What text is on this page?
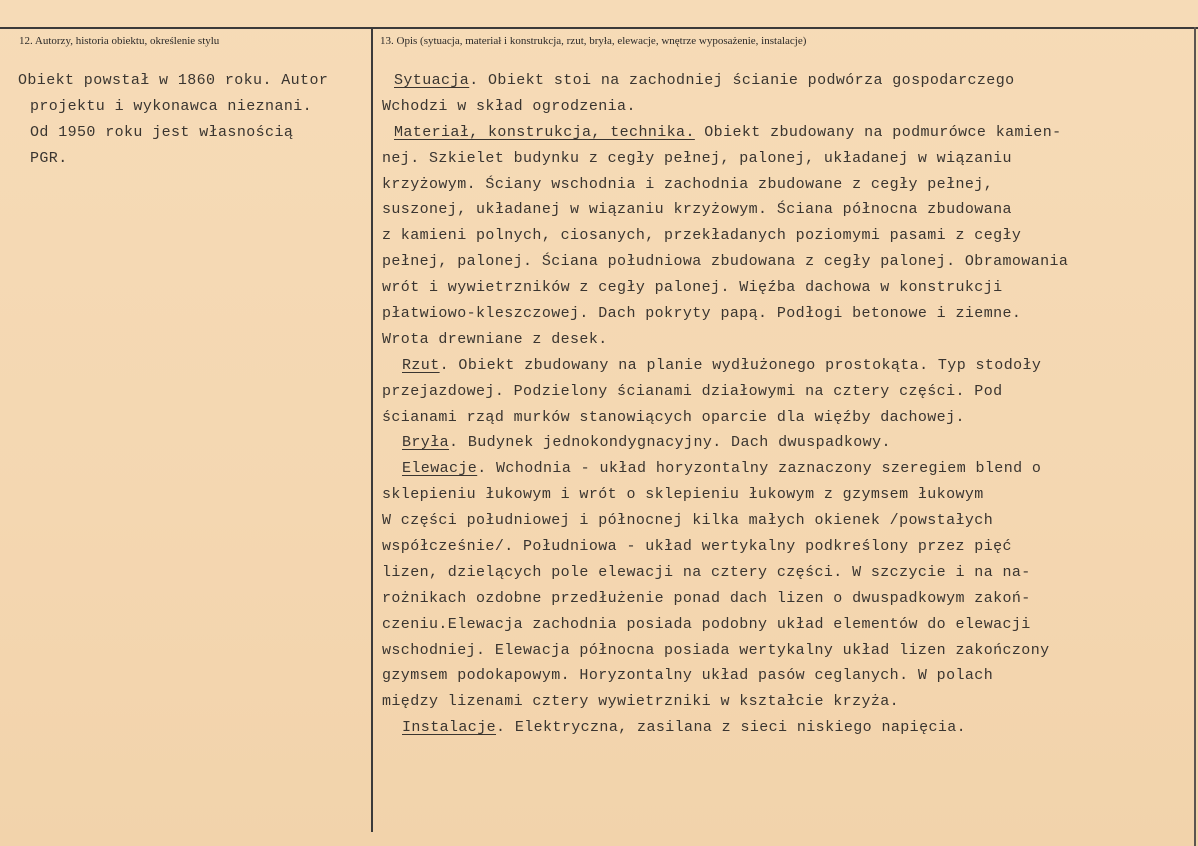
12. Autorzy, historia obiektu, określenie stylu	13. Opis (sytuacja, materiał i konstrukcja, rzut, bryła, elewacje, wnętrze wyposażenie, instalacje)
Obiekt powstał w 1860 roku. Autor
projektu i wykonawca nieznani.
Od 1950 roku jest własnością
PGR.
Sytuacja. Obiekt stoi na zachodniej ścianie podwórza gospodarczego
Wchodzi w skład ogrodzenia.
Materiał, konstrukcja, technika. Obiekt zbudowany na podmurówce kamien-
nej. Szkielet budynku z cegły pełnej, palonej, układanej w wiązaniu
krzyżowym. Ściany wschodnia i zachodnia zbudowane z cegły pełnej,
suszonej, układanej w wiązaniu krzyżowym. Ściana północna zbudowana
z kamieni polnych, ciosanych, przekładanych poziomymi pasami z cegły
pełnej, palonej. Ściana południowa zbudowana z cegły palonej. Obramowania
wrót i wywietrzników z cegły palonej. Więźba dachowa w konstrukcji
płatwiowo-kleszczowej. Dach pokryty papą. Podłogi betonowe i ziemne.
Wrota drewniane z desek.
Rzut. Obiekt zbudowany na planie wydłużonego prostokąta. Typ stodoły
przejazdowej. Podzielony ścianami działowymi na cztery części. Pod
ścianami rząd murków stanowiących oparcie dla więźby dachowej.
Bryła. Budynek jednokondygnacyjny. Dach dwuspadkowy.
Elewacje. Wchodnia - układ horyzontalny zaznaczony szeregiem blend o
sklepieniu łukowym i wrót o sklepieniu łukowym z gzymsem łukowym
W części południowej i północnej kilka małych okienek /powstałych
współcześnie/. Południowa - układ wertykalny podkreślony przez pięć
lizen, dzielących pole elewacji na cztery części. W szczycie i na na-
rożnikach ozdobne przedłużenie ponad dach lizen o dwuspadkowym zakoń-
czeniu.Elewacja zachodnia posiada podobny układ elementów do elewacji
wschodniej. Elewacja północna posiada wertykalny układ lizen zakończony
gzymsem podokapowym. Horyzontalny układ pasów ceglanych. W polach
między lizenami cztery wywietrzniki w kształcie krzyża.
Instalacje. Elektryczna, zasilana z sieci niskiego napięcia.
